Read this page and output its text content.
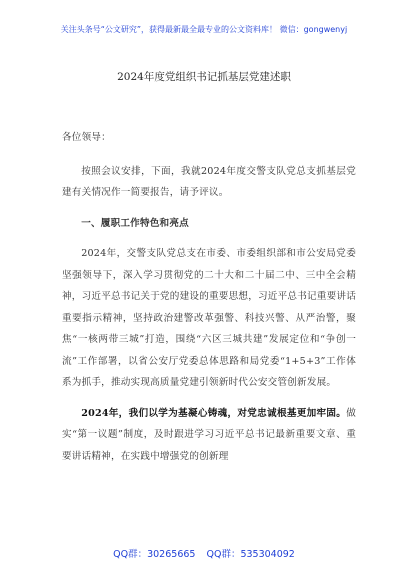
关注头条号“公文研究”，获得最新最全最专业的公文资料库！ 微信：gongwenyj
2024年度党组织书记抓基层党建述职

各位领导：

按照会议安排，下面，我就2024年度交警支队党总支抓基层党建有关情况作一简要报告，请予评议。

一、履职工作特色和亮点

2024年，交警支队党总支在市委、市委组织部和市公安局党委坚强领导下，深入学习贯彻党的二十大和二十届二中、三中全会精神，习近平总书记关于党的建设的重要思想，习近平总书记重要讲话重要指示精神，坚持政治建警改革强警、科技兴警、从严治警，聚焦“一核两带三城”打造，围绕“六区三城共建”发展定位和“争创一流”工作部署，以省公安厅党委总体思路和局党委“1+5+3”工作体系为抓手，推动实现高质量党建引领新时代公安交管创新发展。

2024年，我们以学为基凝心铸魂，对党忠诚根基更加牢固。做实“第一议题”制度，及时跟进学习习近平总书记最新重要文章、重要讲话精神，在实践中增强党的创新理

QQ群：30265665 QQ群：535304092
